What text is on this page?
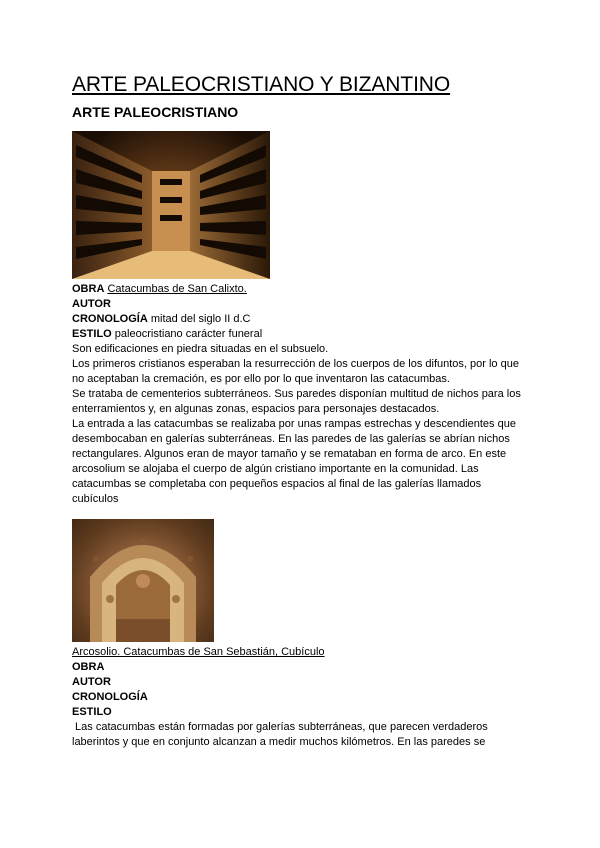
ARTE PALEOCRISTIANO Y BIZANTINO
ARTE PALEOCRISTIANO

OBRA Catacumbas de San Calixto.

AUTOR

CRONOLOGÍA mitad del siglo II d.C

ESTILO paleocristiano carácter funeral

Son edificaciones en piedra situadas en el subsuelo.

Los primeros cristianos esperaban la resurrección de los cuerpos de los difuntos, por lo que

no aceptaban la cremación, es por ello por lo que inventaron las catacumbas.

Se trataba de cementerios subterráneos. Sus paredes disponían multitud de nichos para los

enterramientos y, en algunas zonas, espacios para personajes destacados.

La entrada a las catacumbas se realizaba por unas rampas estrechas y descendientes que

desembocaban en galerías subterráneas. En las paredes de las galerías se abrían nichos

rectangulares. Algunos eran de mayor tamaño y se remataban en forma de arco. En este

arcosolium se alojaba el cuerpo de algún cristiano importante en la comunidad. Las

catacumbas se completaba con pequeños espacios al final de las galerías llamados

cubículos

Arcosolio. Catacumbas de San Sebastián, Cubículo

OBRA

AUTOR

CRONOLOGÍA

ESTILO

Las catacumbas están formadas por galerías subterráneas, que parecen verdaderos

laberintos y que en conjunto alcanzan a medir muchos kilómetros. En las paredes se
